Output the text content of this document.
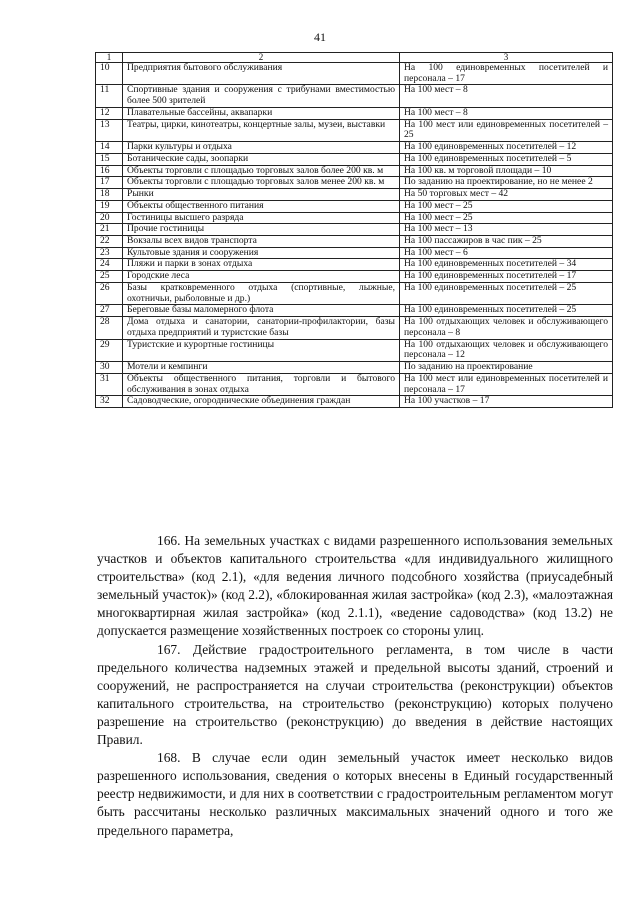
41
1	2	3
10	Предприятия бытового обслуживания	На 100 единовременных посетителей и персонала – 17
11	Спортивные здания и сооружения с трибунами вместимостью более 500 зрителей	На 100 мест – 8
12	Плавательные бассейны, аквапарки	На 100 мест – 8
13	Театры, цирки, кинотеатры, концертные залы, музеи, выставки	На 100 мест или единовременных посетителей – 25
14	Парки культуры и отдыха	На 100 единовременных посетителей – 12
15	Ботанические сады, зоопарки	На 100 единовременных посетителей – 5
16	Объекты торговли с площадью торговых залов более 200 кв. м	На 100 кв. м торговой площади – 10
17	Объекты торговли с площадью торговых залов менее 200 кв. м	По заданию на проектирование, но не менее 2
18	Рынки	На 50 торговых мест – 42
19	Объекты общественного питания	На 100 мест – 25
20	Гостиницы высшего разряда	На 100 мест – 25
21	Прочие гостиницы	На 100 мест – 13
22	Вокзалы всех видов транспорта	На 100 пассажиров в час пик – 25
23	Культовые здания и сооружения	На 100 мест – 6
24	Пляжи и парки в зонах отдыха	На 100 единовременных посетителей – 34
25	Городские леса	На 100 единовременных посетителей – 17
26	Базы кратковременного отдыха (спортивные, лыжные, охотничьи, рыболовные и др.)	На 100 единовременных посетителей – 25
27	Береговые базы маломерного флота	На 100 единовременных посетителей – 25
28	Дома отдыха и санатории, санатории-профилактории, базы отдыха предприятий и туристские базы	На 100 отдыхающих человек и обслуживающего персонала – 8
29	Туристские и курортные гостиницы	На 100 отдыхающих человек и обслуживающего персонала – 12
30	Мотели и кемпинги	По заданию на проектирование
31	Объекты общественного питания, торговли и бытового обслуживания в зонах отдыха	На 100 мест или единовременных посетителей и персонала – 17
32	Садоводческие, огороднические объединения граждан	На 100 участков – 17

166. На земельных участках с видами разрешенного использования земельных участков и объектов капитального строительства «для индивидуального жилищного строительства» (код 2.1), «для ведения личного подсобного хозяйства (приусадебный земельный участок)» (код 2.2), «блокированная жилая застройка» (код 2.3), «малоэтажная многоквартирная жилая застройка» (код 2.1.1), «ведение садоводства» (код 13.2) не допускается размещение хозяйственных построек со стороны улиц.

167. Действие градостроительного регламента, в том числе в части предельного количества надземных этажей и предельной высоты зданий, строений и сооружений, не распространяется на случаи строительства (реконструкции) объектов капитального строительства, на строительство (реконструкцию) которых получено разрешение на строительство (реконструкцию) до введения в действие настоящих Правил.

168. В случае если один земельный участок имеет несколько видов разрешенного использования, сведения о которых внесены в Единый государственный реестр недвижимости, и для них в соответствии с градостроительным регламентом могут быть рассчитаны несколько различных максимальных значений одного и того же предельного параметра,
